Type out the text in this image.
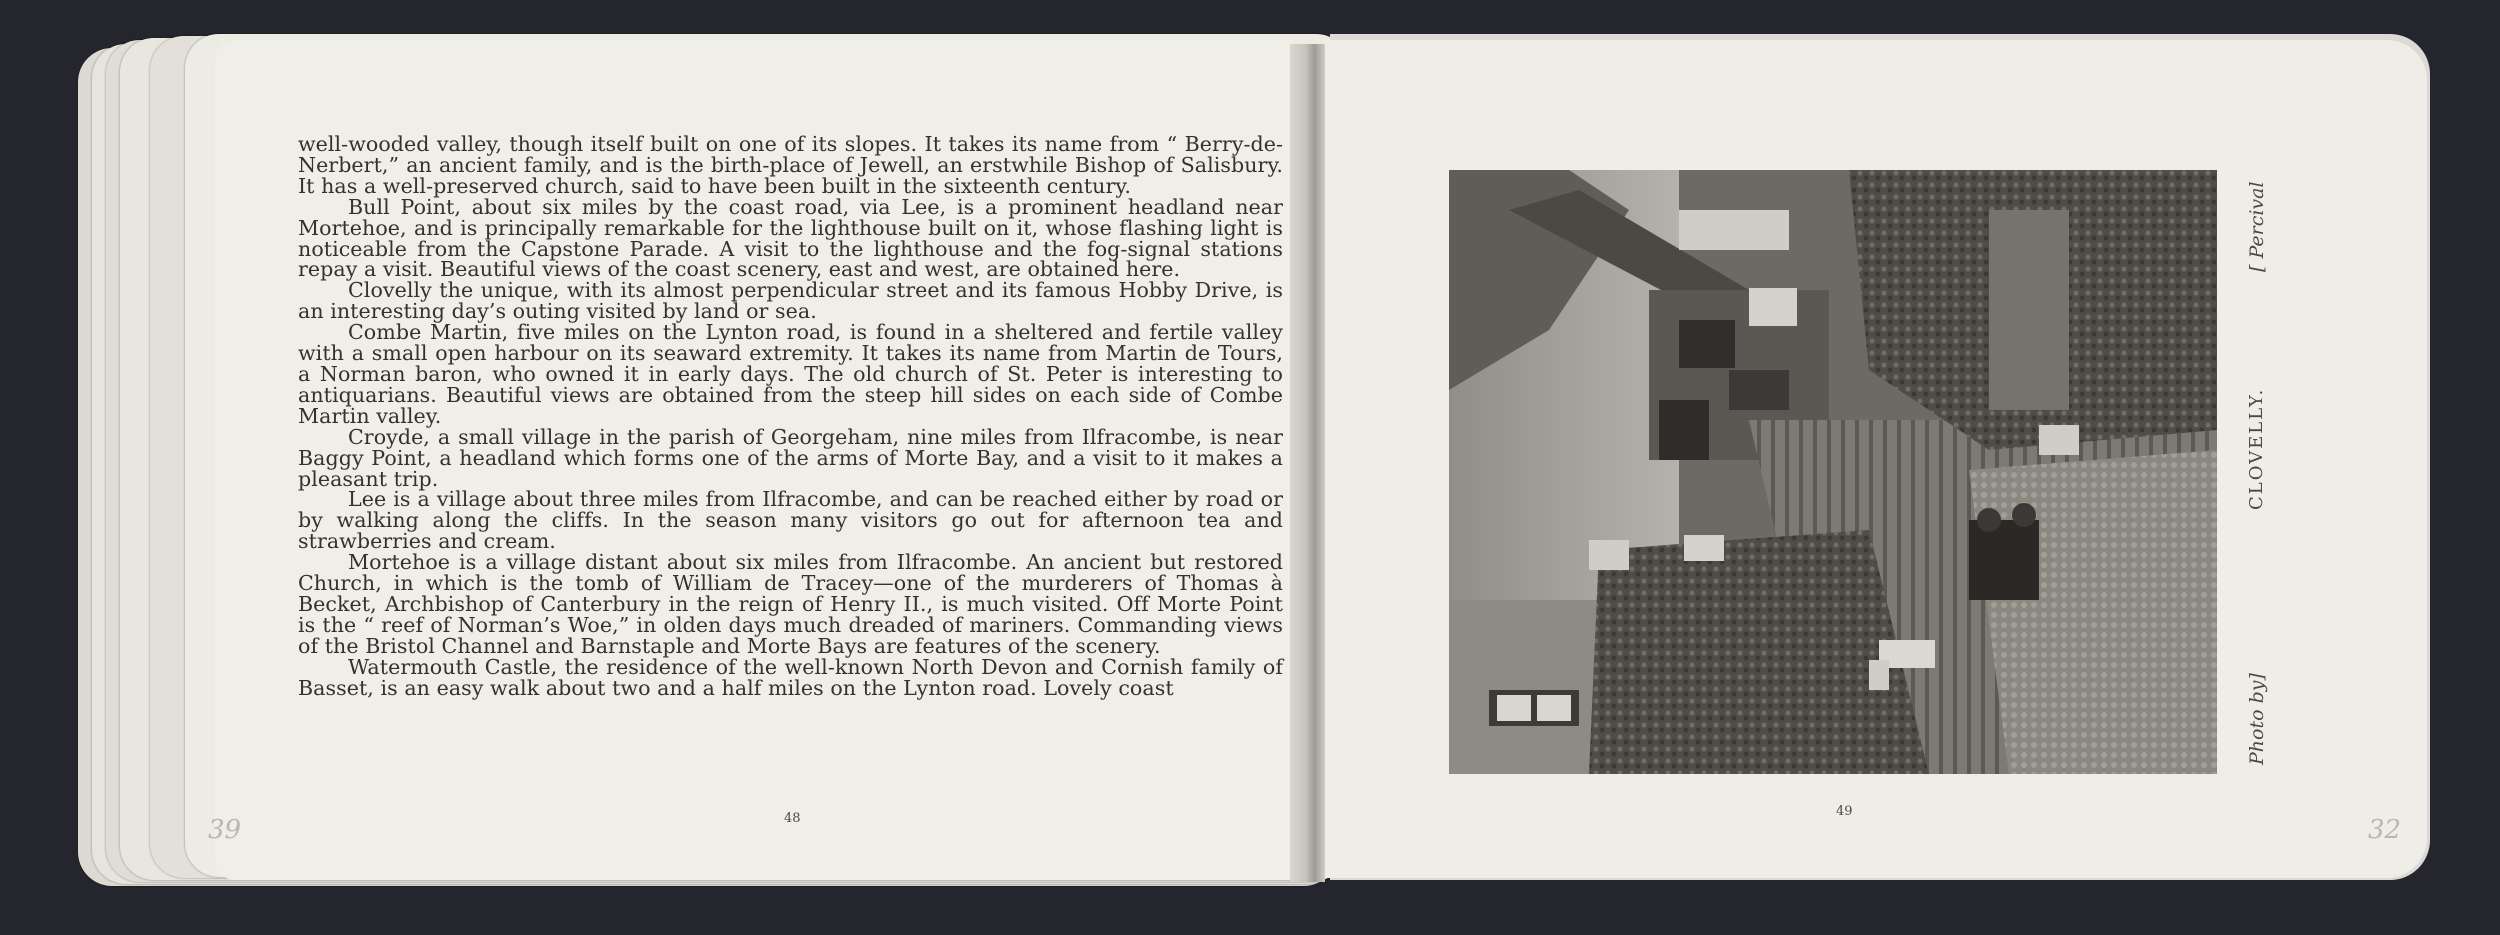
well-wooded valley, though itself built on one of its slopes. It takes its name from “ Berry-de-Nerbert,” an ancient family, and is the birth-place of Jewell, an erstwhile Bishop of Salisbury. It has a well-preserved church, said to have been built in the sixteenth century.

Bull Point, about six miles by the coast road, via Lee, is a prominent headland near Mortehoe, and is principally remarkable for the lighthouse built on it, whose flashing light is noticeable from the Capstone Parade. A visit to the lighthouse and the fog-signal stations repay a visit. Beautiful views of the coast scenery, east and west, are obtained here.

Clovelly the unique, with its almost perpendicular street and its famous Hobby Drive, is an interesting day’s outing visited by land or sea.

Combe Martin, five miles on the Lynton road, is found in a sheltered and fertile valley with a small open harbour on its seaward extremity. It takes its name from Martin de Tours, a Norman baron, who owned it in early days. The old church of St. Peter is interesting to antiquarians. Beautiful views are obtained from the steep hill sides on each side of Combe Martin valley.

Croyde, a small village in the parish of Georgeham, nine miles from Ilfracombe, is near Baggy Point, a headland which forms one of the arms of Morte Bay, and a visit to it makes a pleasant trip.

Lee is a village about three miles from Ilfracombe, and can be reached either by road or by walking along the cliffs. In the season many visitors go out for afternoon tea and strawberries and cream.

Mortehoe is a village distant about six miles from Ilfracombe. An ancient but restored Church, in which is the tomb of William de Tracey—one of the murderers of Thomas à Becket, Archbishop of Canterbury in the reign of Henry II., is much visited. Off Morte Point is the “ reef of Norman’s Woe,” in olden days much dreaded of mariners. Commanding views of the Bristol Channel and Barnstaple and Morte Bays are features of the scenery.

Watermouth Castle, the residence of the well-known North Devon and Cornish family of Basset, is an easy walk about two and a half miles on the Lynton road. Lovely coast

48
39
CLOVELLY.
Photo by]
[ Percival
49
32
